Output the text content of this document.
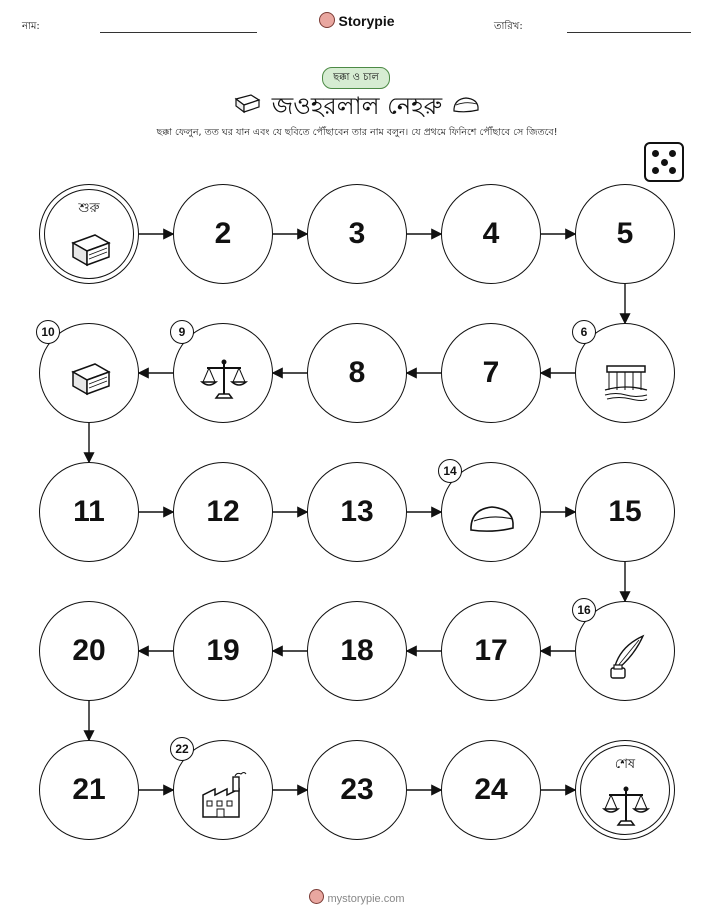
নাম:	Storypie	তারিখ:
ছক্কা ও চাল
জওহরলাল নেহরু
ছক্কা ফেলুন, তত ঘর যান এবং যে ছবিতে পৌঁছাবেন তার নাম বলুন। যে প্রথমে ফিনিশে পৌঁছাবে সে জিতবে!
শুরু
2	3	4	5
6
7
8
9
10
11	12	13
14
15
16
17
18
19
20
21
22
23	24
শেষ
mystorypie.com
